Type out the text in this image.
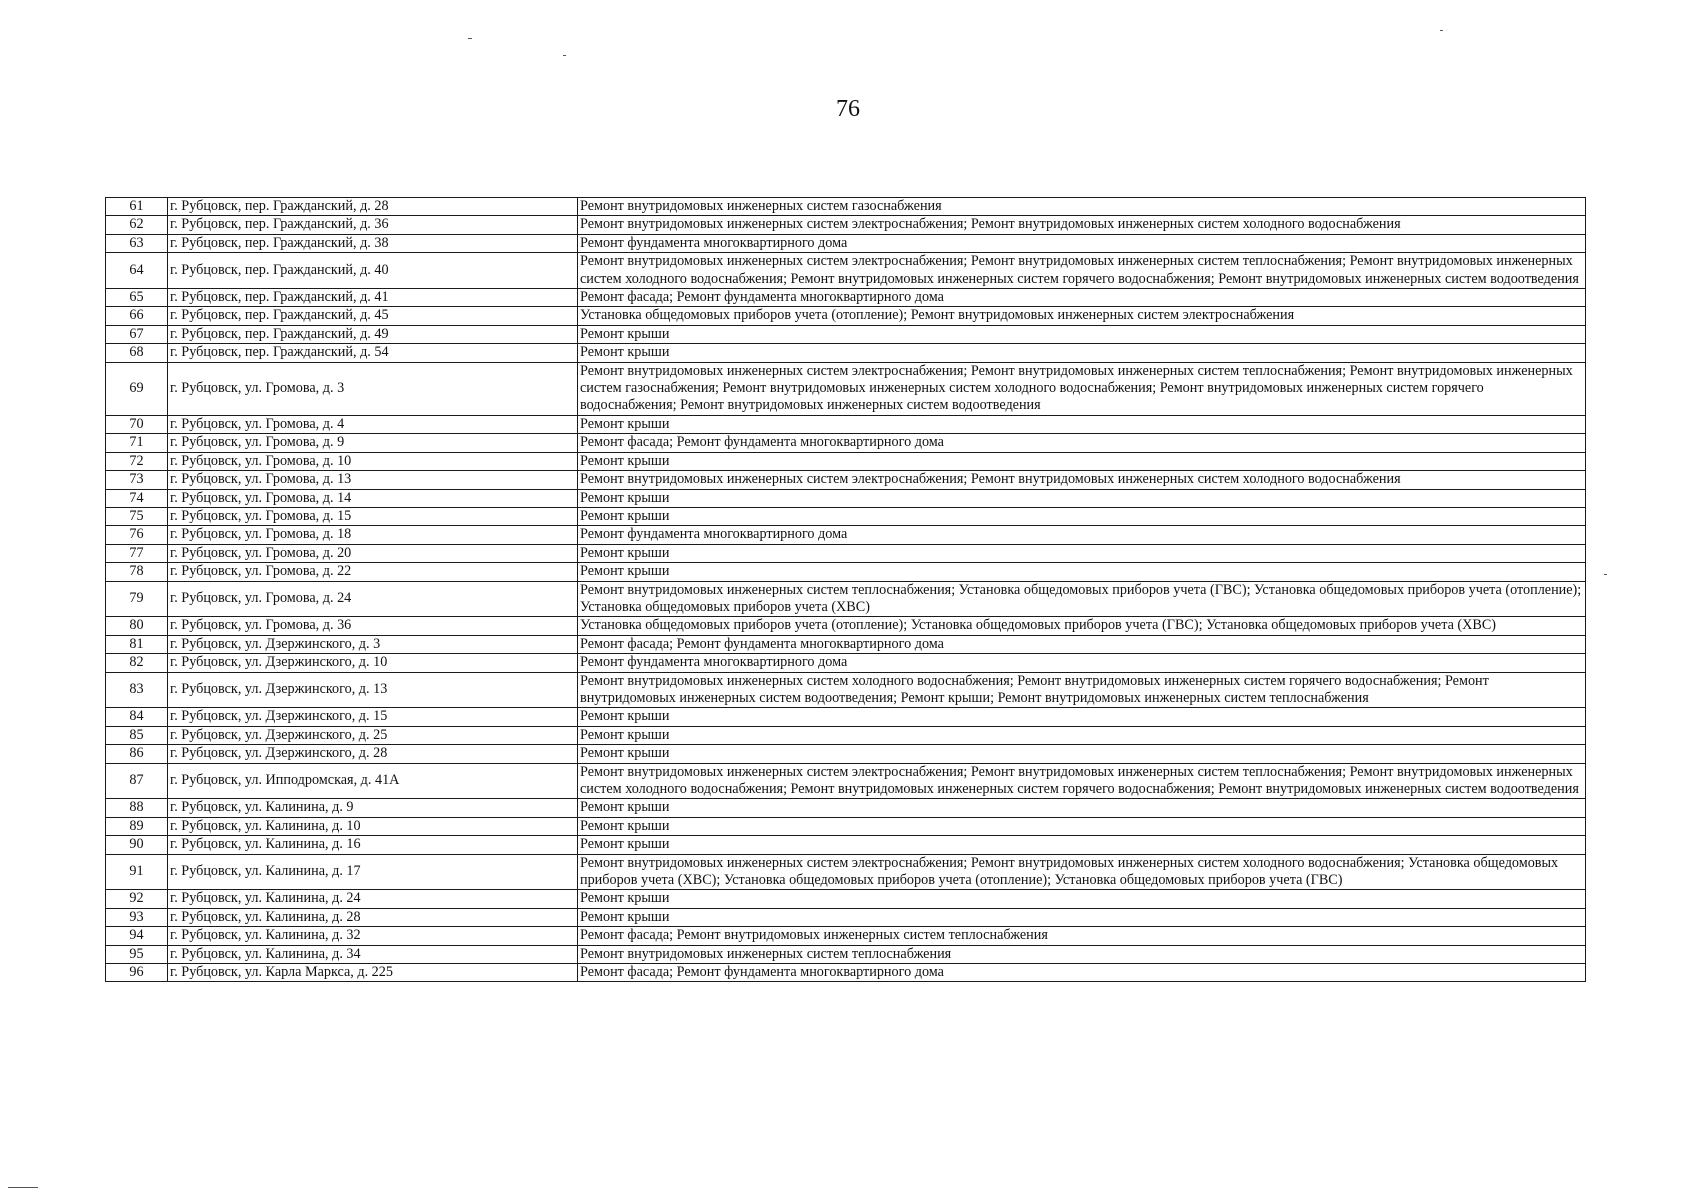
76
61	г. Рубцовск, пер. Гражданский, д. 28	Ремонт внутридомовых инженерных систем газоснабжения
62	г. Рубцовск, пер. Гражданский, д. 36	Ремонт внутридомовых инженерных систем электроснабжения; Ремонт внутридомовых инженерных систем холодного водоснабжения
63	г. Рубцовск, пер. Гражданский, д. 38	Ремонт фундамента многоквартирного дома
64	г. Рубцовск, пер. Гражданский, д. 40	Ремонт внутридомовых инженерных систем электроснабжения; Ремонт внутридомовых инженерных систем теплоснабжения; Ремонт внутридомовых инженерных систем холодного водоснабжения; Ремонт внутридомовых инженерных систем горячего водоснабжения; Ремонт внутридомовых инженерных систем водоотведения
65	г. Рубцовск, пер. Гражданский, д. 41	Ремонт фасада; Ремонт фундамента многоквартирного дома
66	г. Рубцовск, пер. Гражданский, д. 45	Установка общедомовых приборов учета (отопление); Ремонт внутридомовых инженерных систем электроснабжения
67	г. Рубцовск, пер. Гражданский, д. 49	Ремонт крыши
68	г. Рубцовск, пер. Гражданский, д. 54	Ремонт крыши
69	г. Рубцовск, ул. Громова, д. 3	Ремонт внутридомовых инженерных систем электроснабжения; Ремонт внутридомовых инженерных систем теплоснабжения; Ремонт внутридомовых инженерных систем газоснабжения; Ремонт внутридомовых инженерных систем холодного водоснабжения; Ремонт внутридомовых инженерных систем горячего водоснабжения; Ремонт внутридомовых инженерных систем водоотведения
70	г. Рубцовск, ул. Громова, д. 4	Ремонт крыши
71	г. Рубцовск, ул. Громова, д. 9	Ремонт фасада; Ремонт фундамента многоквартирного дома
72	г. Рубцовск, ул. Громова, д. 10	Ремонт крыши
73	г. Рубцовск, ул. Громова, д. 13	Ремонт внутридомовых инженерных систем электроснабжения; Ремонт внутридомовых инженерных систем холодного водоснабжения
74	г. Рубцовск, ул. Громова, д. 14	Ремонт крыши
75	г. Рубцовск, ул. Громова, д. 15	Ремонт крыши
76	г. Рубцовск, ул. Громова, д. 18	Ремонт фундамента многоквартирного дома
77	г. Рубцовск, ул. Громова, д. 20	Ремонт крыши
78	г. Рубцовск, ул. Громова, д. 22	Ремонт крыши
79	г. Рубцовск, ул. Громова, д. 24	Ремонт внутридомовых инженерных систем теплоснабжения; Установка общедомовых приборов учета (ГВС); Установка общедомовых приборов учета (отопление); Установка общедомовых приборов учета (ХВС)
80	г. Рубцовск, ул. Громова, д. 36	Установка общедомовых приборов учета (отопление); Установка общедомовых приборов учета (ГВС); Установка общедомовых приборов учета (ХВС)
81	г. Рубцовск, ул. Дзержинского, д. 3	Ремонт фасада; Ремонт фундамента многоквартирного дома
82	г. Рубцовск, ул. Дзержинского, д. 10	Ремонт фундамента многоквартирного дома
83	г. Рубцовск, ул. Дзержинского, д. 13	Ремонт внутридомовых инженерных систем холодного водоснабжения; Ремонт внутридомовых инженерных систем горячего водоснабжения; Ремонт внутридомовых инженерных систем водоотведения; Ремонт крыши; Ремонт внутридомовых инженерных систем теплоснабжения
84	г. Рубцовск, ул. Дзержинского, д. 15	Ремонт крыши
85	г. Рубцовск, ул. Дзержинского, д. 25	Ремонт крыши
86	г. Рубцовск, ул. Дзержинского, д. 28	Ремонт крыши
87	г. Рубцовск, ул. Ипподромская, д. 41А	Ремонт внутридомовых инженерных систем электроснабжения; Ремонт внутридомовых инженерных систем теплоснабжения; Ремонт внутридомовых инженерных систем холодного водоснабжения; Ремонт внутридомовых инженерных систем горячего водоснабжения; Ремонт внутридомовых инженерных систем водоотведения
88	г. Рубцовск, ул. Калинина, д. 9	Ремонт крыши
89	г. Рубцовск, ул. Калинина, д. 10	Ремонт крыши
90	г. Рубцовск, ул. Калинина, д. 16	Ремонт крыши
91	г. Рубцовск, ул. Калинина, д. 17	Ремонт внутридомовых инженерных систем электроснабжения; Ремонт внутридомовых инженерных систем холодного водоснабжения; Установка общедомовых приборов учета (ХВС); Установка общедомовых приборов учета (отопление); Установка общедомовых приборов учета (ГВС)
92	г. Рубцовск, ул. Калинина, д. 24	Ремонт крыши
93	г. Рубцовск, ул. Калинина, д. 28	Ремонт крыши
94	г. Рубцовск, ул. Калинина, д. 32	Ремонт фасада; Ремонт внутридомовых инженерных систем теплоснабжения
95	г. Рубцовск, ул. Калинина, д. 34	Ремонт внутридомовых инженерных систем теплоснабжения
96	г. Рубцовск, ул. Карла Маркса, д. 225	Ремонт фасада; Ремонт фундамента многоквартирного дома
